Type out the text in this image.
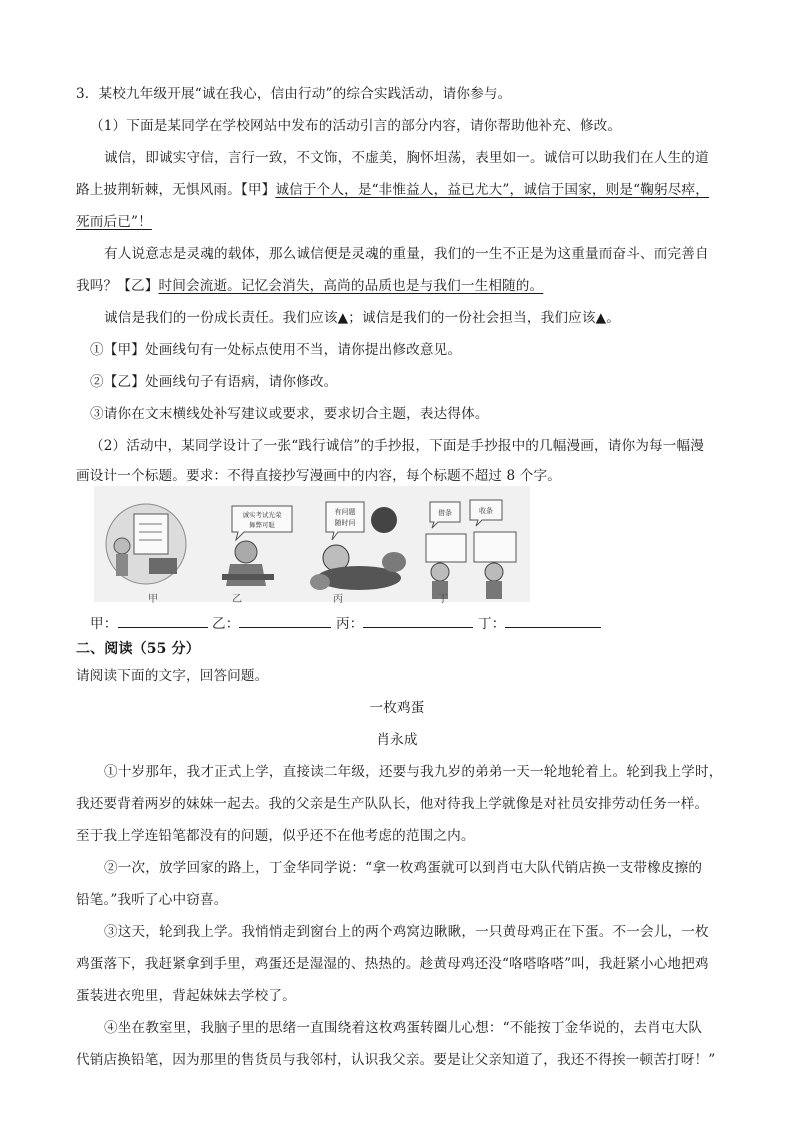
3．某校九年级开展“诚在我心，信由行动”的综合实践活动，请你参与。
（1）下面是某同学在学校网站中发布的活动引言的部分内容，请你帮助他补充、修改。
诚信，即诚实守信，言行一致，不文饰，不虚美，胸怀坦荡，表里如一。诚信可以助我们在人生的道
路上披荆斩棘，无惧风雨。【甲】诚信于个人，是“非惟益人，益已尤大”，诚信于国家，则是“鞠躬尽瘁，
死而后已”！
有人说意志是灵魂的载体，那么诚信便是灵魂的重量，我们的一生不正是为这重量而奋斗、而完善自
我吗？【乙】时间会流逝。记忆会消失，高尚的品质也是与我们一生相随的。
诚信是我们的一份成长责任。我们应该▲；诚信是我们的一份社会担当，我们应该▲。
①【甲】处画线句有一处标点使用不当，请你提出修改意见。
②【乙】处画线句子有语病，请你修改。
③请你在文末横线处补写建议或要求，要求切合主题，表达得体。
（2）活动中，某同学设计了一张“践行诚信”的手抄报，下面是手抄报中的几幅漫画，请你为每一幅漫
画设计一个标题。要求：不得直接抄写漫画中的内容，每个标题不超过 8 个字。
诚实考试光荣
舞弊可耻
有问题
随时问
借条	收条
甲	乙	丙	丁
甲：	乙：	丙：	丁：
二、阅读（55 分）
请阅读下面的文字，回答问题。
一枚鸡蛋
肖永成
①十岁那年，我才正式上学，直接读二年级，还要与我九岁的弟弟一天一轮地轮着上。轮到我上学时，
我还要背着两岁的妹妹一起去。我的父亲是生产队队长，他对待我上学就像是对社员安排劳动任务一样。
至于我上学连铅笔都没有的问题，似乎还不在他考虑的范围之内。
②一次，放学回家的路上，丁金华同学说：“拿一枚鸡蛋就可以到肖屯大队代销店换一支带橡皮擦的
铅笔。”我听了心中窃喜。
③这天，轮到我上学。我悄悄走到窗台上的两个鸡窝边瞅瞅，一只黄母鸡正在下蛋。不一会儿，一枚
鸡蛋落下，我赶紧拿到手里，鸡蛋还是湿湿的、热热的。趁黄母鸡还没“咯嗒咯嗒”叫，我赶紧小心地把鸡
蛋装进衣兜里，背起妹妹去学校了。
④坐在教室里，我脑子里的思绪一直围绕着这枚鸡蛋转圈儿心想：“不能按丁金华说的，去肖屯大队
代销店换铅笔，因为那里的售货员与我邻村，认识我父亲。要是让父亲知道了，我还不得挨一顿苦打呀！”
